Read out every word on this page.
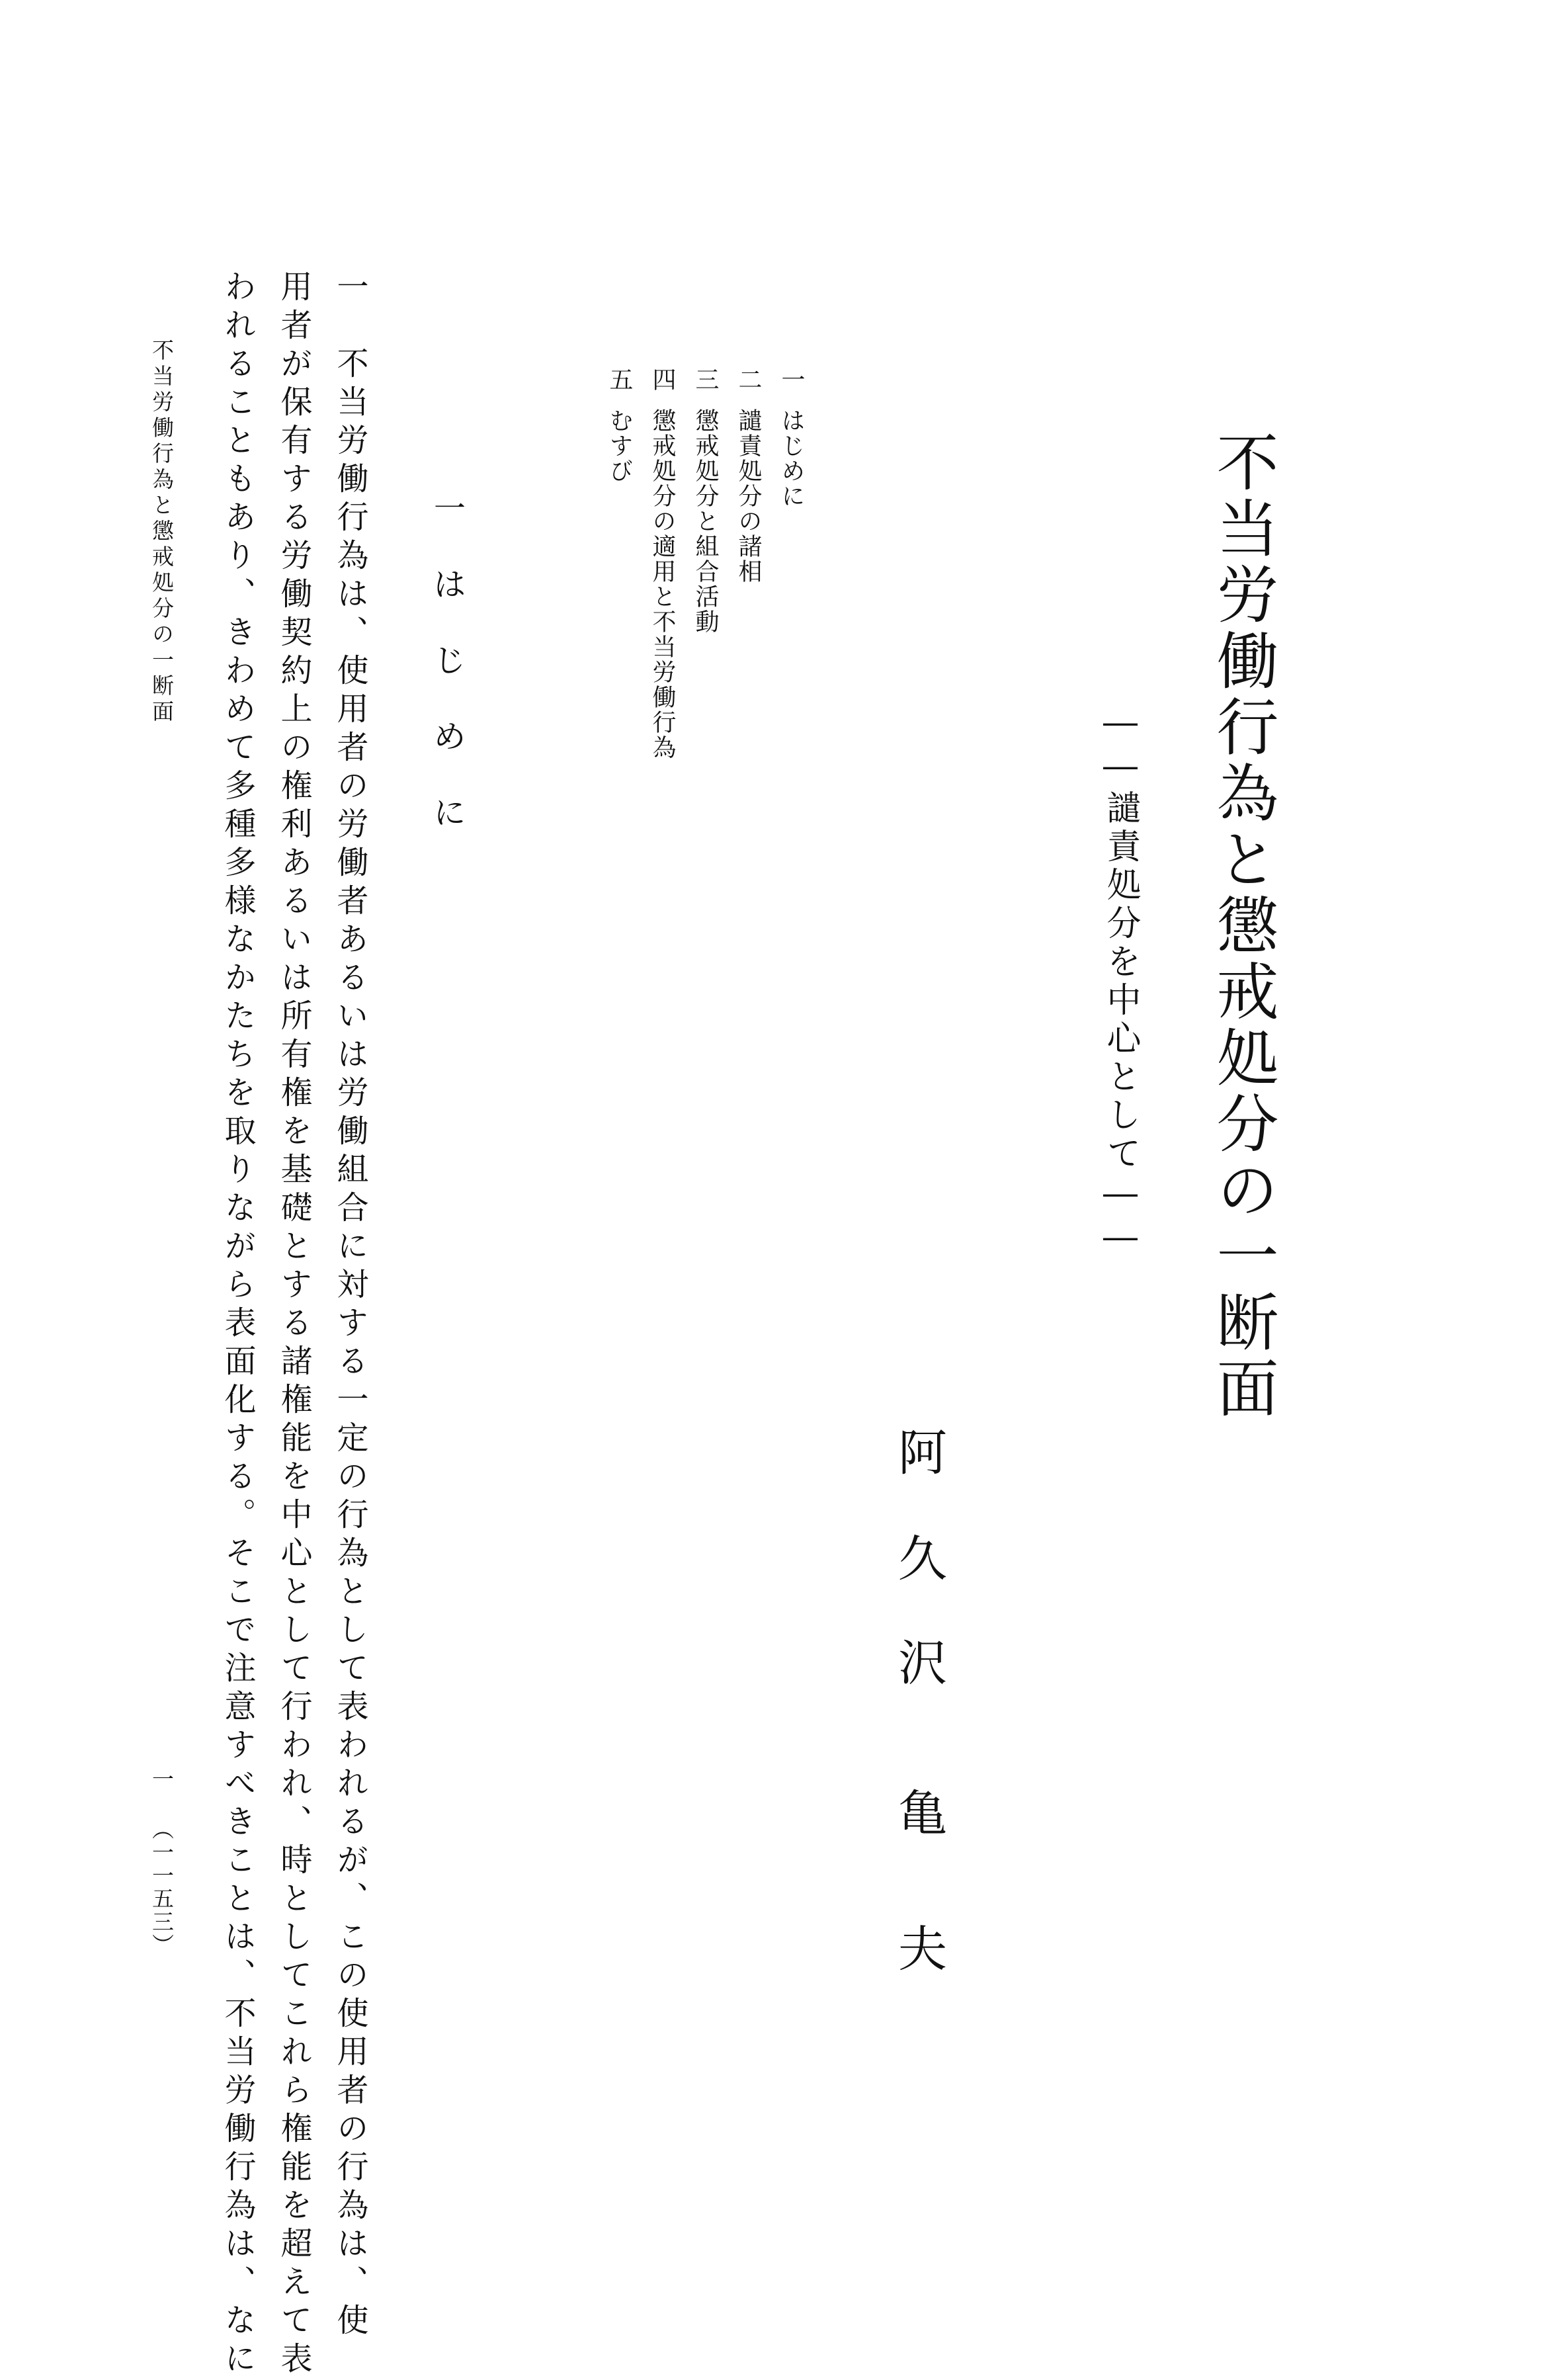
不当労働行為と懲戒処分の一断面
――譴責処分を中心として――
阿
久
沢
亀
夫
一
はじめに
二
譴責処分の諸相
三
懲戒処分と組合活動
四
懲戒処分の適用と不当労働行為
五
むすび
一
は
じ
め
に

一　不当労働行為は、使用者の労働者あるいは労働組合に対する一定の行為として表われるが、この使用者の行為は、使

用者が保有する労働契約上の権利あるいは所有権を基礎とする諸権能を中心として行われ、時としてこれら権能を超えて表

われることもあり、きわめて多種多様なかたちを取りながら表面化する。そこで注意すべきことは、不当労働行為は、なに

不当労働行為と懲戒処分の一断面
一
（一一五三）
